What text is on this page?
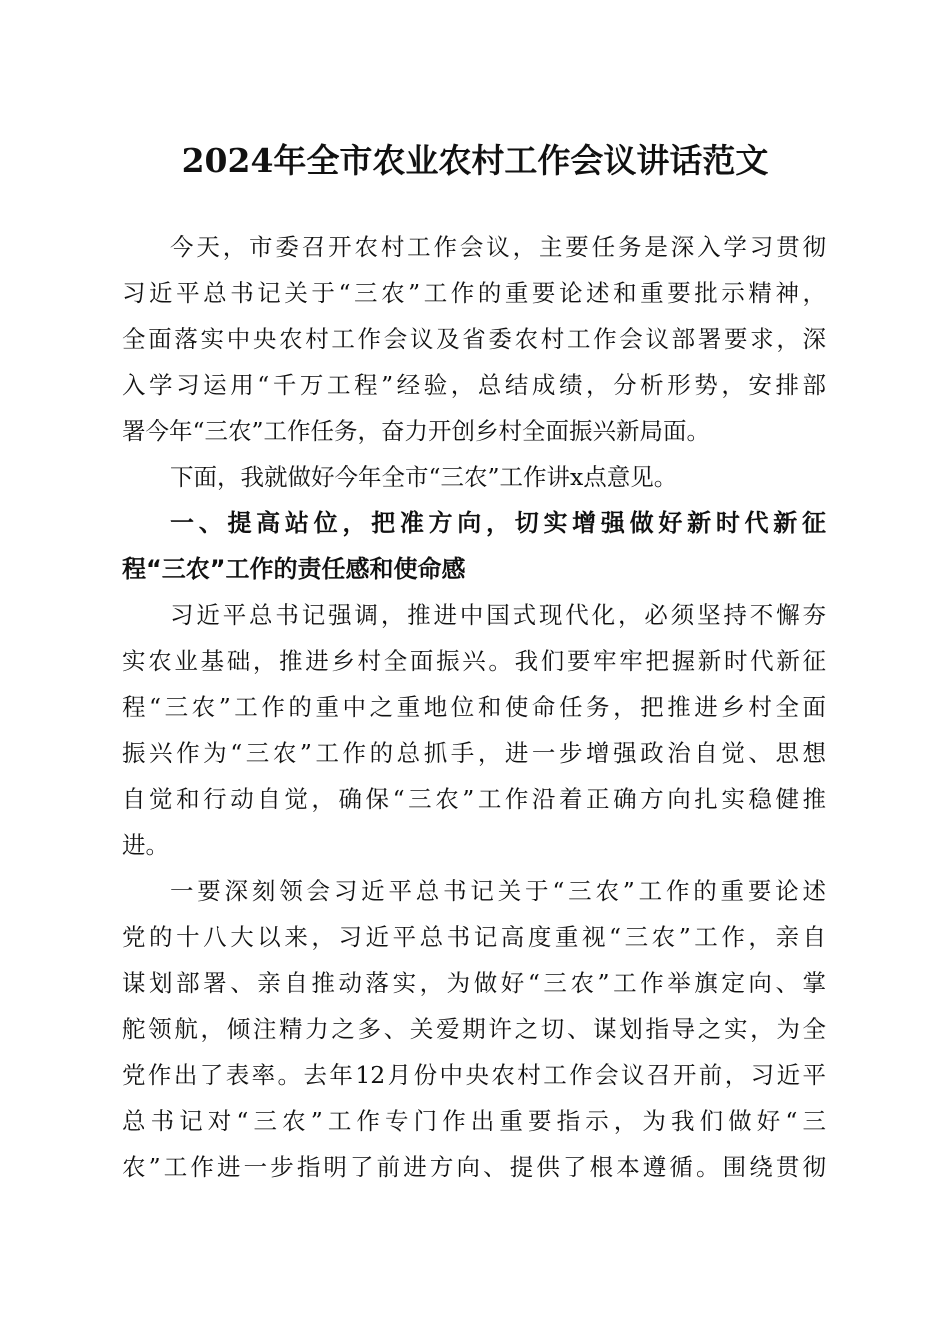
2024年全市农业农村工作会议讲话范文
今天，市委召开农村工作会议，主要任务是深入学习贯彻
习近平总书记关于“三农”工作的重要论述和重要批示精神，
全面落实中央农村工作会议及省委农村工作会议部署要求，深
入学习运用“千万工程”经验，总结成绩，分析形势，安排部
署今年“三农”工作任务，奋力开创乡村全面振兴新局面。
下面，我就做好今年全市“三农”工作讲x点意见。
一、提高站位，把准方向，切实增强做好新时代新征
程“三农”工作的责任感和使命感
习近平总书记强调，推进中国式现代化，必须坚持不懈夯
实农业基础，推进乡村全面振兴。我们要牢牢把握新时代新征
程“三农”工作的重中之重地位和使命任务，把推进乡村全面
振兴作为“三农”工作的总抓手，进一步增强政治自觉、思想
自觉和行动自觉，确保“三农”工作沿着正确方向扎实稳健推
进。
一要深刻领会习近平总书记关于“三农”工作的重要论述
党的十八大以来，习近平总书记高度重视“三农”工作，亲自
谋划部署、亲自推动落实，为做好“三农”工作举旗定向、掌
舵领航，倾注精力之多、关爱期许之切、谋划指导之实，为全
党作出了表率。去年12月份中央农村工作会议召开前，习近平
总书记对“三农”工作专门作出重要指示，为我们做好“三
农”工作进一步指明了前进方向、提供了根本遵循。围绕贯彻
